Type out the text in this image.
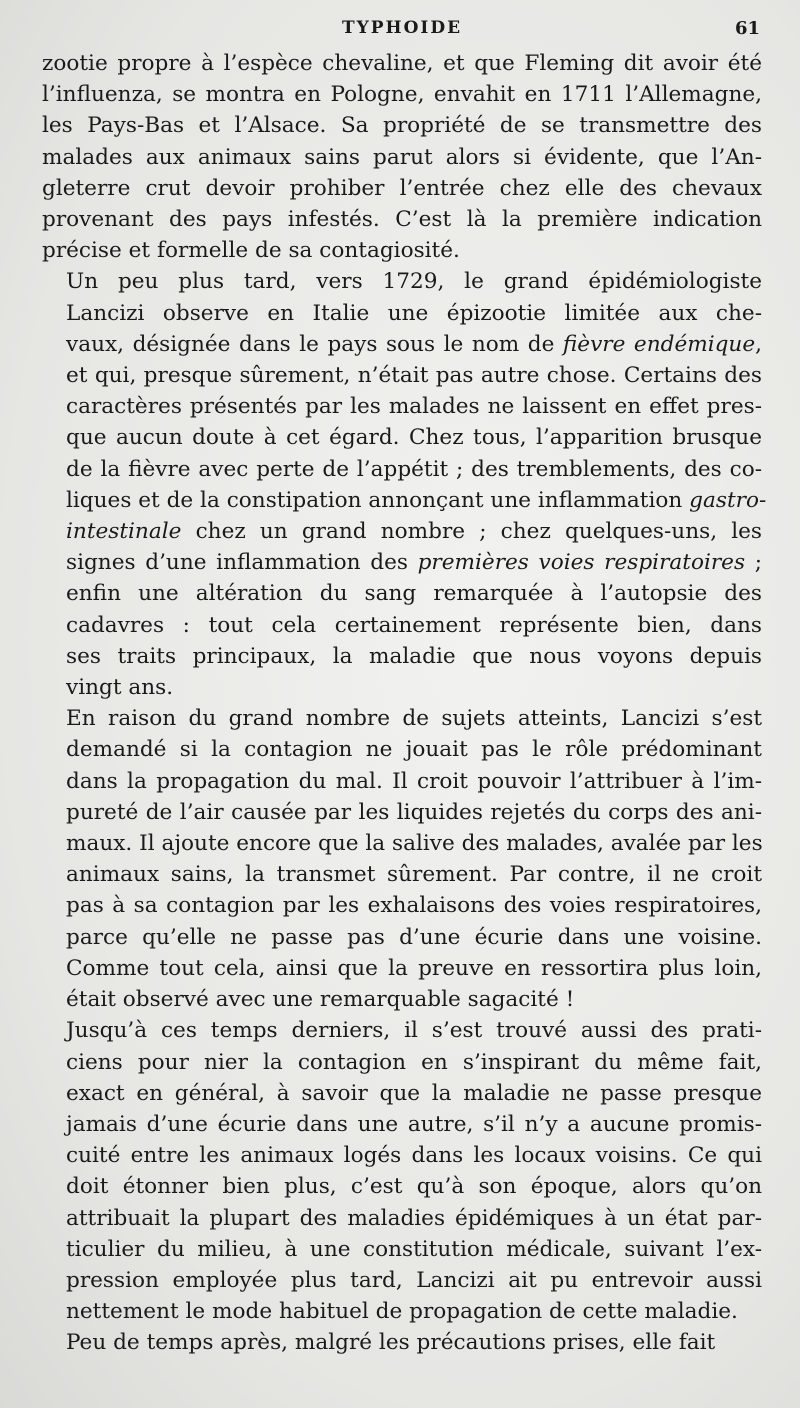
TYPHOIDE	61

zootie propre à l’espèce chevaline, et que Fleming dit avoir été
l’influenza, se montra en Pologne, envahit en 1711 l’Allemagne,
les Pays-Bas et l’Alsace. Sa propriété de se transmettre des
malades aux animaux sains parut alors si évidente, que l’An-
gleterre crut devoir prohiber l’entrée chez elle des chevaux
provenant des pays infestés. C’est là la première indication
précise et formelle de sa contagiosité.

Un peu plus tard, vers 1729, le grand épidémiologiste
Lancizi observe en Italie une épizootie limitée aux che-
vaux, désignée dans le pays sous le nom de fièvre endémique,
et qui, presque sûrement, n’était pas autre chose. Certains des
caractères présentés par les malades ne laissent en effet pres-
que aucun doute à cet égard. Chez tous, l’apparition brusque
de la fièvre avec perte de l’appétit ; des tremblements, des co-
liques et de la constipation annonçant une inflammation gastro-
intestinale chez un grand nombre ; chez quelques-uns, les
signes d’une inflammation des premières voies respiratoires ;
enfin une altération du sang remarquée à l’autopsie des
cadavres : tout cela certainement représente bien, dans
ses traits principaux, la maladie que nous voyons depuis
vingt ans.

En raison du grand nombre de sujets atteints, Lancizi s’est
demandé si la contagion ne jouait pas le rôle prédominant
dans la propagation du mal. Il croit pouvoir l’attribuer à l’im-
pureté de l’air causée par les liquides rejetés du corps des ani-
maux. Il ajoute encore que la salive des malades, avalée par les
animaux sains, la transmet sûrement. Par contre, il ne croit
pas à sa contagion par les exhalaisons des voies respiratoires,
parce qu’elle ne passe pas d’une écurie dans une voisine.
Comme tout cela, ainsi que la preuve en ressortira plus loin,
était observé avec une remarquable sagacité !

Jusqu’à ces temps derniers, il s’est trouvé aussi des prati-
ciens pour nier la contagion en s’inspirant du même fait,
exact en général, à savoir que la maladie ne passe presque
jamais d’une écurie dans une autre, s’il n’y a aucune promis-
cuité entre les animaux logés dans les locaux voisins. Ce qui
doit étonner bien plus, c’est qu’à son époque, alors qu’on
attribuait la plupart des maladies épidémiques à un état par-
ticulier du milieu, à une constitution médicale, suivant l’ex-
pression employée plus tard, Lancizi ait pu entrevoir aussi
nettement le mode habituel de propagation de cette maladie.

Peu de temps après, malgré les précautions prises, elle fait
